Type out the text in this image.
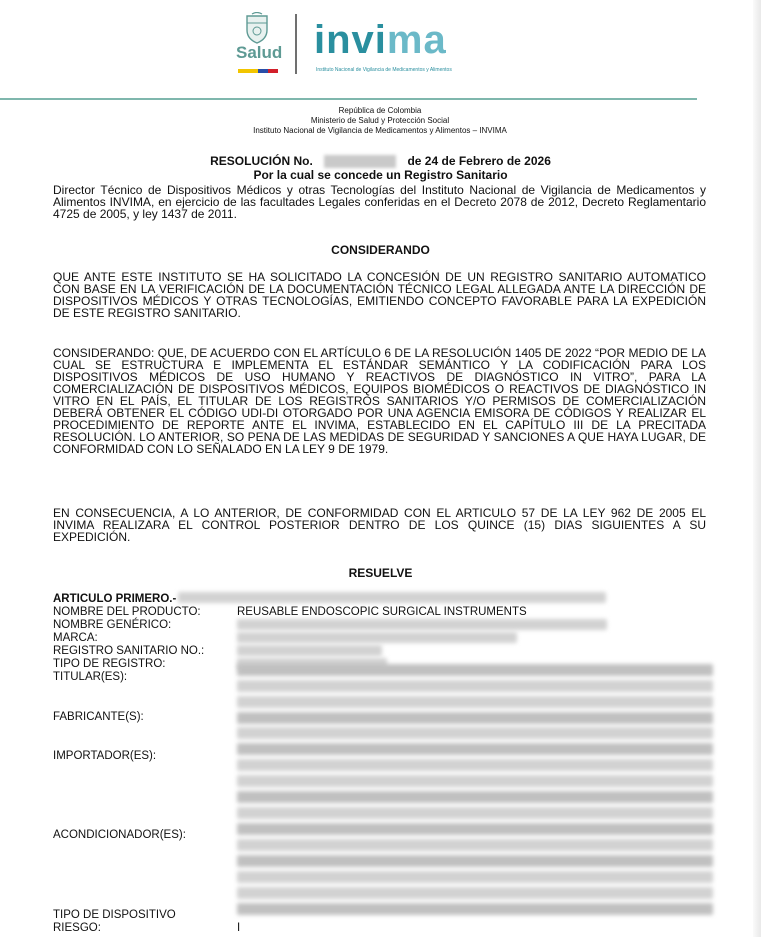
Salud invima
Instituto Nacional de Vigilancia de Medicamentos y Alimentos
República de Colombia
Ministerio de Salud y Protección Social
Instituto Nacional de Vigilancia de Medicamentos y Alimentos – INVIMA
RESOLUCIÓN No.	de 24 de Febrero de 2026
Por la cual se concede un Registro Sanitario
Director Técnico de Dispositivos Médicos y otras Tecnologías del Instituto Nacional de Vigilancia de Medicamentos y Alimentos INVIMA, en ejercicio de las facultades Legales conferidas en el Decreto 2078 de 2012, Decreto Reglamentario 4725 de 2005, y ley 1437 de 2011.
CONSIDERANDO
QUE ANTE ESTE INSTITUTO SE HA SOLICITADO LA CONCESIÓN DE UN REGISTRO SANITARIO AUTOMATICO CON BASE EN LA VERIFICACIÓN DE LA DOCUMENTACIÓN TÉCNICO LEGAL ALLEGADA ANTE LA DIRECCIÓN DE DISPOSITIVOS MÉDICOS Y OTRAS TECNOLOGÍAS, EMITIENDO CONCEPTO FAVORABLE PARA LA EXPEDICIÓN DE ESTE REGISTRO SANITARIO.
CONSIDERANDO: QUE, DE ACUERDO CON EL ARTÍCULO 6 DE LA RESOLUCIÓN 1405 DE 2022 “POR MEDIO DE LA CUAL SE ESTRUCTURA E IMPLEMENTA EL ESTÁNDAR SEMÁNTICO Y LA CODIFICACIÓN PARA LOS DISPOSITIVOS MÉDICOS DE USO HUMANO Y REACTIVOS DE DIAGNÓSTICO IN VITRO”, PARA LA COMERCIALIZACIÓN DE DISPOSITIVOS MÉDICOS, EQUIPOS BIOMÉDICOS O REACTIVOS DE DIAGNÓSTICO IN VITRO EN EL PAÍS, EL TITULAR DE LOS REGISTROS SANITARIOS Y/O PERMISOS DE COMERCIALIZACIÓN DEBERÁ OBTENER EL CÓDIGO UDI-DI OTORGADO POR UNA AGENCIA EMISORA DE CÓDIGOS Y REALIZAR EL PROCEDIMIENTO DE REPORTE ANTE EL INVIMA, ESTABLECIDO EN EL CAPÍTULO III DE LA PRECITADA RESOLUCIÓN. LO ANTERIOR, SO PENA DE LAS MEDIDAS DE SEGURIDAD Y SANCIONES A QUE HAYA LUGAR, DE CONFORMIDAD CON LO SEÑALADO EN LA LEY 9 DE 1979.
EN CONSECUENCIA, A LO ANTERIOR, DE CONFORMIDAD CON EL ARTICULO 57 DE LA LEY 962 DE 2005 EL INVIMA REALIZARA EL CONTROL POSTERIOR DENTRO DE LOS QUINCE (15) DIAS SIGUIENTES A SU EXPEDICIÓN.
RESUELVE
ARTICULO PRIMERO.-
NOMBRE DEL PRODUCTO:	REUSABLE ENDOSCOPIC SURGICAL INSTRUMENTS
NOMBRE GENÉRICO:
MARCA:
REGISTRO SANITARIO NO.:
TIPO DE REGISTRO:
TITULAR(ES):
FABRICANTE(S):
IMPORTADOR(ES):
ACONDICIONADOR(ES):
TIPO DE DISPOSITIVO
RIESGO:	I
